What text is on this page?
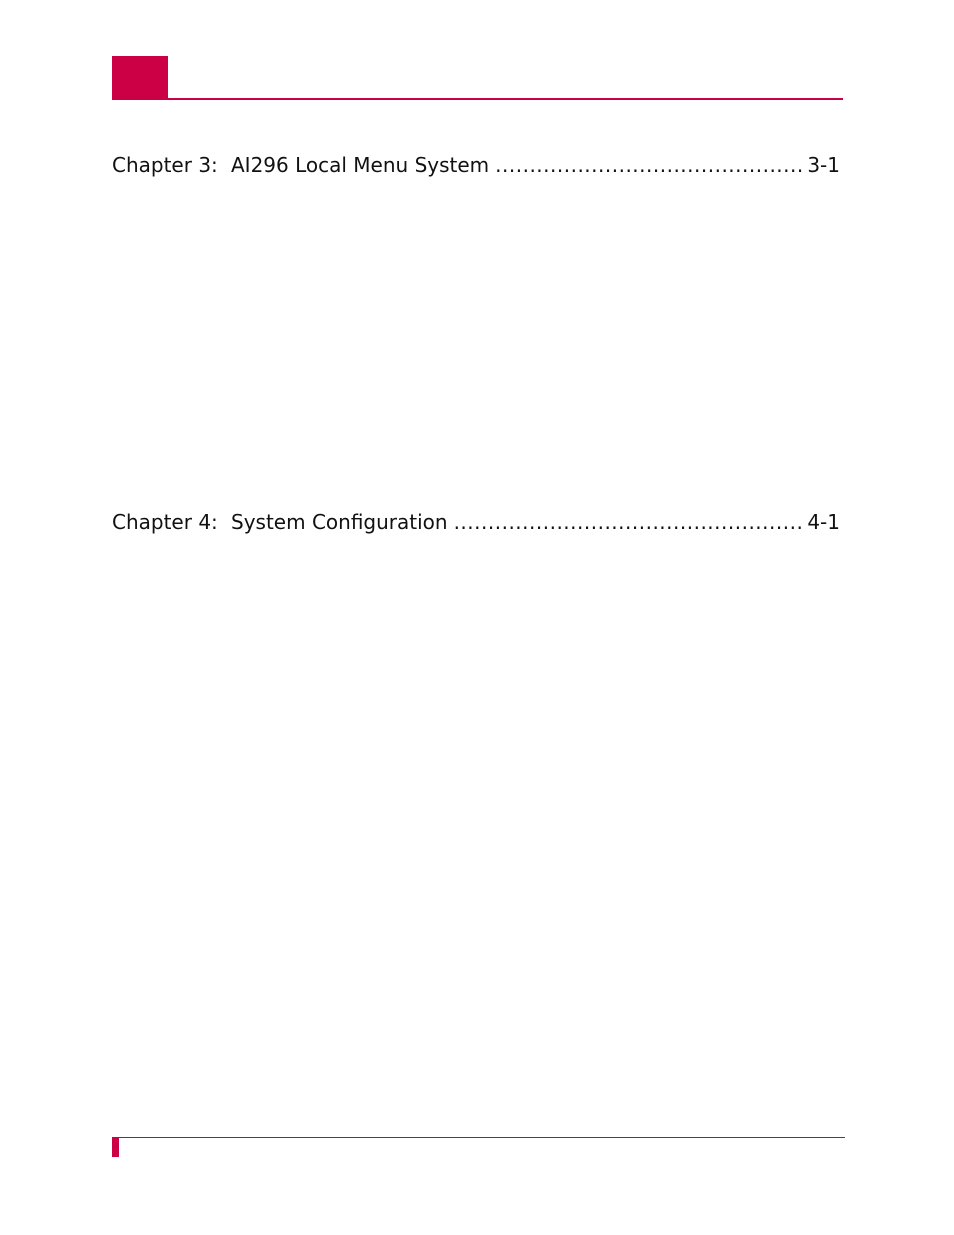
Chapter 3: AI296 Local Menu System .....	3-1
Chapter 4: System Configuration .....	4-1
